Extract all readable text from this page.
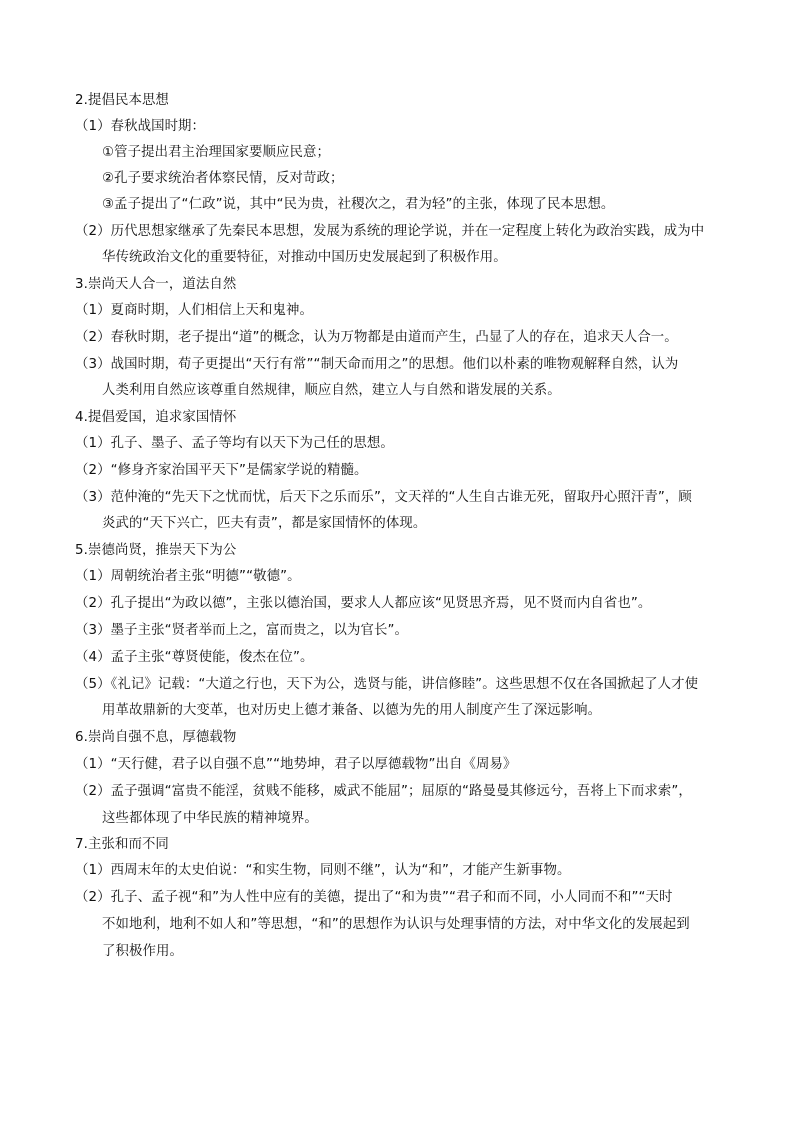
2.提倡民本思想
（1）春秋战国时期：
①管子提出君主治理国家要顺应民意；
②孔子要求统治者体察民情，反对苛政；
③孟子提出了“仁政”说，其中“民为贵，社稷次之，君为轻”的主张，体现了民本思想。
（2）历代思想家继承了先秦民本思想，发展为系统的理论学说，并在一定程度上转化为政治实践，成为中
华传统政治文化的重要特征，对推动中国历史发展起到了积极作用。
3.崇尚天人合一，道法自然
（1）夏商时期，人们相信上天和鬼神。
（2）春秋时期，老子提出“道”的概念，认为万物都是由道而产生，凸显了人的存在，追求天人合一。
（3）战国时期，荀子更提出“天行有常”“制天命而用之”的思想。他们以朴素的唯物观解释自然，认为
人类利用自然应该尊重自然规律，顺应自然，建立人与自然和谐发展的关系。
4.提倡爱国，追求家国情怀
（1）孔子、墨子、孟子等均有以天下为己任的思想。
（2）“修身齐家治国平天下”是儒家学说的精髓。
（3）范仲淹的“先天下之忧而忧，后天下之乐而乐”，文天祥的“人生自古谁无死，留取丹心照汗青”，顾
炎武的“天下兴亡，匹夫有责”，都是家国情怀的体现。
5.崇德尚贤，推崇天下为公
（1）周朝统治者主张“明德”“敬德”。
（2）孔子提出“为政以德”，主张以德治国，要求人人都应该“见贤思齐焉，见不贤而内自省也”。
（3）墨子主张“贤者举而上之，富而贵之，以为官长”。
（4）孟子主张“尊贤使能，俊杰在位”。
（5）《礼记》记载：“大道之行也，天下为公，选贤与能，讲信修睦”。这些思想不仅在各国掀起了人才使
用革故鼎新的大变革，也对历史上德才兼备、以德为先的用人制度产生了深远影响。
6.崇尚自强不息，厚德载物
（1）“天行健，君子以自强不息”“地势坤，君子以厚德载物”出自《周易》
（2）孟子强调“富贵不能淫，贫贱不能移，威武不能屈”；屈原的“路曼曼其修远兮，吾将上下而求索”，
这些都体现了中华民族的精神境界。
7.主张和而不同
（1）西周末年的太史伯说：“和实生物，同则不继”，认为“和”，才能产生新事物。
（2）孔子、孟子视“和”为人性中应有的美德，提出了“和为贵”“君子和而不同，小人同而不和”“天时
不如地利，地利不如人和”等思想，“和”的思想作为认识与处理事情的方法，对中华文化的发展起到
了积极作用。
